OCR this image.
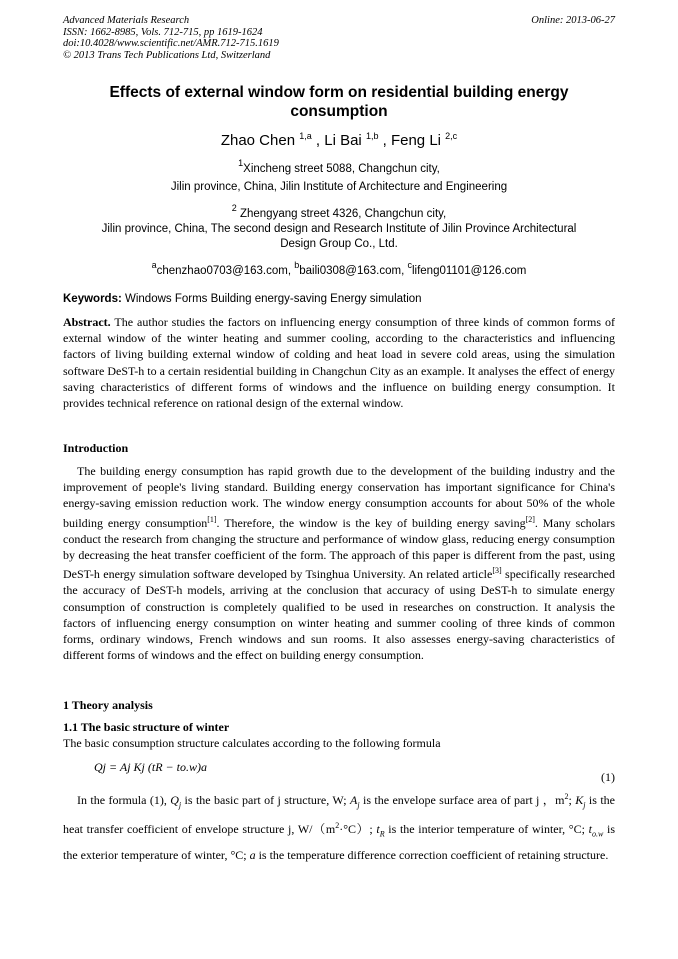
Advanced Materials Research
ISSN: 1662-8985, Vols. 712-715, pp 1619-1624
doi:10.4028/www.scientific.net/AMR.712-715.1619
© 2013 Trans Tech Publications Ltd, Switzerland
Online: 2013-06-27
Effects of external window form on residential building energy
consumption
Zhao Chen $^{1,a}$ , Li Bai $^{1,b}$ , Feng Li $^{2,c}$
$^1$Xincheng street 5088, Changchun city,
Jilin province, China, Jilin Institute of Architecture and Engineering
$^2$ Zhengyang street 4326, Changchun city,
Jilin province, China, The second design and Research Institute of Jilin Province Architectural
Design Group Co., Ltd.
$^a$chenzhao0703@163.com, $^b$baili0308@163.com, $^c$lifeng01101@126.com
Keywords: Windows Forms Building energy-saving Energy simulation
Abstract. The author studies the factors on influencing energy consumption of three kinds of common forms of external window of the winter heating and summer cooling, according to the characteristics and influencing factors of living building external window of colding and heat load in severe cold areas, using the simulation software DeST-h to a certain residential building in Changchun City as an example. It analyses the effect of energy saving characteristics of different forms of windows and the influence on building energy consumption. It provides technical reference on rational design of the external window.
Introduction
The building energy consumption has rapid growth due to the development of the building industry and the improvement of people's living standard. Building energy conservation has important significance for China's energy-saving emission reduction work. The window energy consumption accounts for about 50% of the whole building energy consumption[1]. Therefore, the window is the key of building energy saving[2]. Many scholars conduct the research from changing the structure and performance of window glass, reducing energy consumption by decreasing the heat transfer coefficient of the form. The approach of this paper is different from the past, using DeST-h energy simulation software developed by Tsinghua University. An related article[3] specifically researched the accuracy of DeST-h models, arriving at the conclusion that accuracy of using DeST-h to simulate energy consumption of construction is completely qualified to be used in researches on construction. It analysis the factors of influencing energy consumption on winter heating and summer cooling of three kinds of common forms, ordinary windows, French windows and sun rooms. It also assesses energy-saving characteristics of different forms of windows and the effect on building energy consumption.
1 Theory analysis
1.1 The basic structure of winter
The basic consumption structure calculates according to the following formula
Qj = Aj Kj (tR − to.w)a
(1)
In the formula (1), $Q_j$ is the basic part of j structure, W; $A_j$ is the envelope surface area of part j ，$m^2$; $K_j$ is the heat transfer coefficient of envelope structure j, $W/(m^2\cdot^\circ C)$; $t_R$ is the interior temperature of winter, °C; $t_{o.w}$ is the exterior temperature of winter, °C; a is the temperature difference correction coefficient of retaining structure.
